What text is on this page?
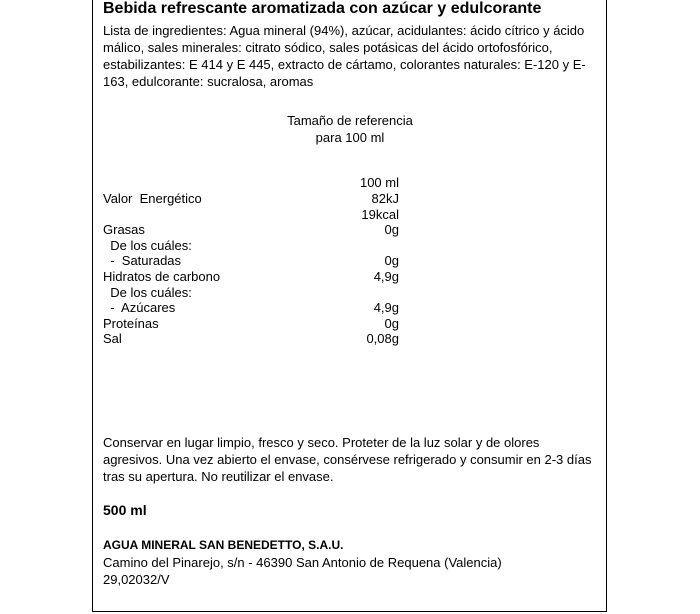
Bebida refrescante aromatizada con azúcar y edulcorante
Lista de ingredientes: Agua mineral (94%), azúcar, acidulantes: ácido cítrico y ácido málico, sales minerales: citrato sódico, sales potásicas del ácido ortofosfórico, estabilizantes: E 414 y E 445, extracto de cártamo, colorantes naturales: E-120 y E-163, edulcorante: sucralosa, aromas
Tamaño de referencia
para 100 ml
100 ml
Valor  Energético	82kJ
19kcal
Grasas	0g
De los cuáles:
-  Saturadas	0g
Hidratos de carbono	4,9g
De los cuáles:
-  Azúcares	4,9g
Proteínas	0g
Sal	0,08g
Conservar en lugar limpio, fresco y seco. Proteter de la luz solar y de olores agresivos. Una vez abierto el envase, consérvese refrigerado y consumir en 2-3 días tras su apertura. No reutilizar el envase.
500 ml
AGUA MINERAL SAN BENEDETTO, S.A.U.
Camino del Pinarejo, s/n - 46390 San Antonio de Requena (Valencia)
29,02032/V
